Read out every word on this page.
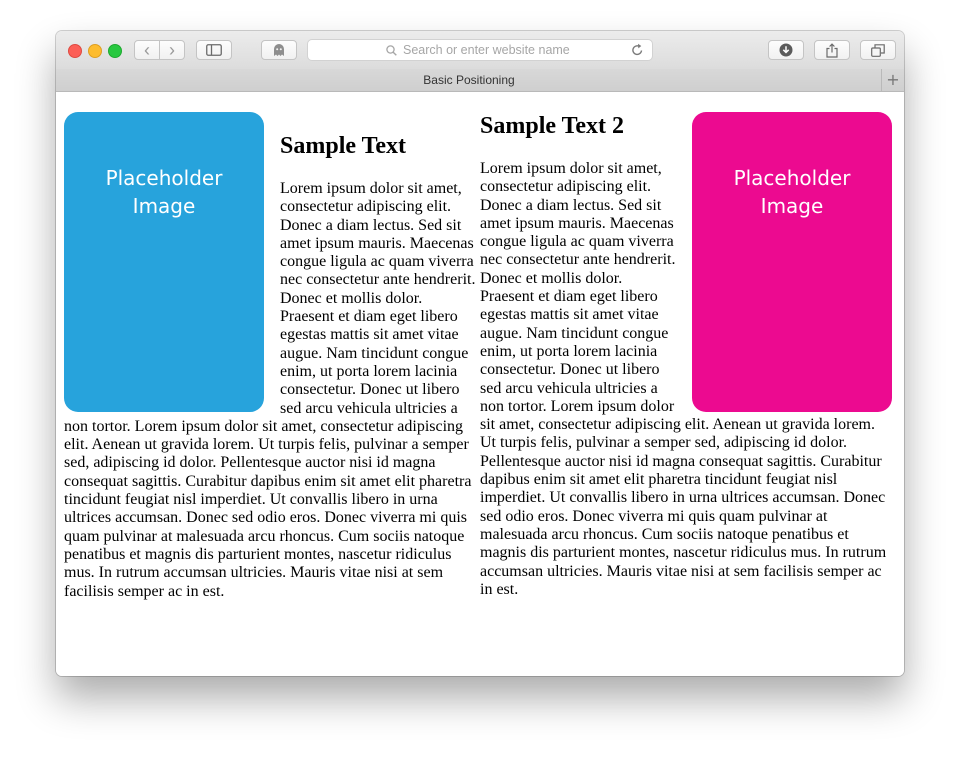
‹ ›	Search or enter website name
Basic Positioning	+
Placeholder
Image
Sample Text

Lorem ipsum dolor sit amet, consectetur adipiscing elit. Donec a diam lectus. Sed sit amet ipsum mauris. Maecenas congue ligula ac quam viverra nec consectetur ante hendrerit. Donec et mollis dolor. Praesent et diam eget libero egestas mattis sit amet vitae augue. Nam tincidunt congue enim, ut porta lorem lacinia consectetur. Donec ut libero sed arcu vehicula ultricies a non tortor. Lorem ipsum dolor sit amet, consectetur adipiscing elit. Aenean ut gravida lorem. Ut turpis felis, pulvinar a semper sed, adipiscing id dolor. Pellentesque auctor nisi id magna consequat sagittis. Curabitur dapibus enim sit amet elit pharetra tincidunt feugiat nisl imperdiet. Ut convallis libero in urna ultrices accumsan. Donec sed odio eros. Donec viverra mi quis quam pulvinar at malesuada arcu rhoncus. Cum sociis natoque penatibus et magnis dis parturient montes, nascetur ridiculus mus. In rutrum accumsan ultricies. Mauris vitae nisi at sem facilisis semper ac in est.

Placeholder
Image
Sample Text 2

Lorem ipsum dolor sit amet, consectetur adipiscing elit. Donec a diam lectus. Sed sit amet ipsum mauris. Maecenas congue ligula ac quam viverra nec consectetur ante hendrerit. Donec et mollis dolor. Praesent et diam eget libero egestas mattis sit amet vitae augue. Nam tincidunt congue enim, ut porta lorem lacinia consectetur. Donec ut libero sed arcu vehicula ultricies a non tortor. Lorem ipsum dolor sit amet, consectetur adipiscing elit. Aenean ut gravida lorem. Ut turpis felis, pulvinar a semper sed, adipiscing id dolor. Pellentesque auctor nisi id magna consequat sagittis. Curabitur dapibus enim sit amet elit pharetra tincidunt feugiat nisl imperdiet. Ut convallis libero in urna ultrices accumsan. Donec sed odio eros. Donec viverra mi quis quam pulvinar at malesuada arcu rhoncus. Cum sociis natoque penatibus et magnis dis parturient montes, nascetur ridiculus mus. In rutrum accumsan ultricies. Mauris vitae nisi at sem facilisis semper ac in est.
